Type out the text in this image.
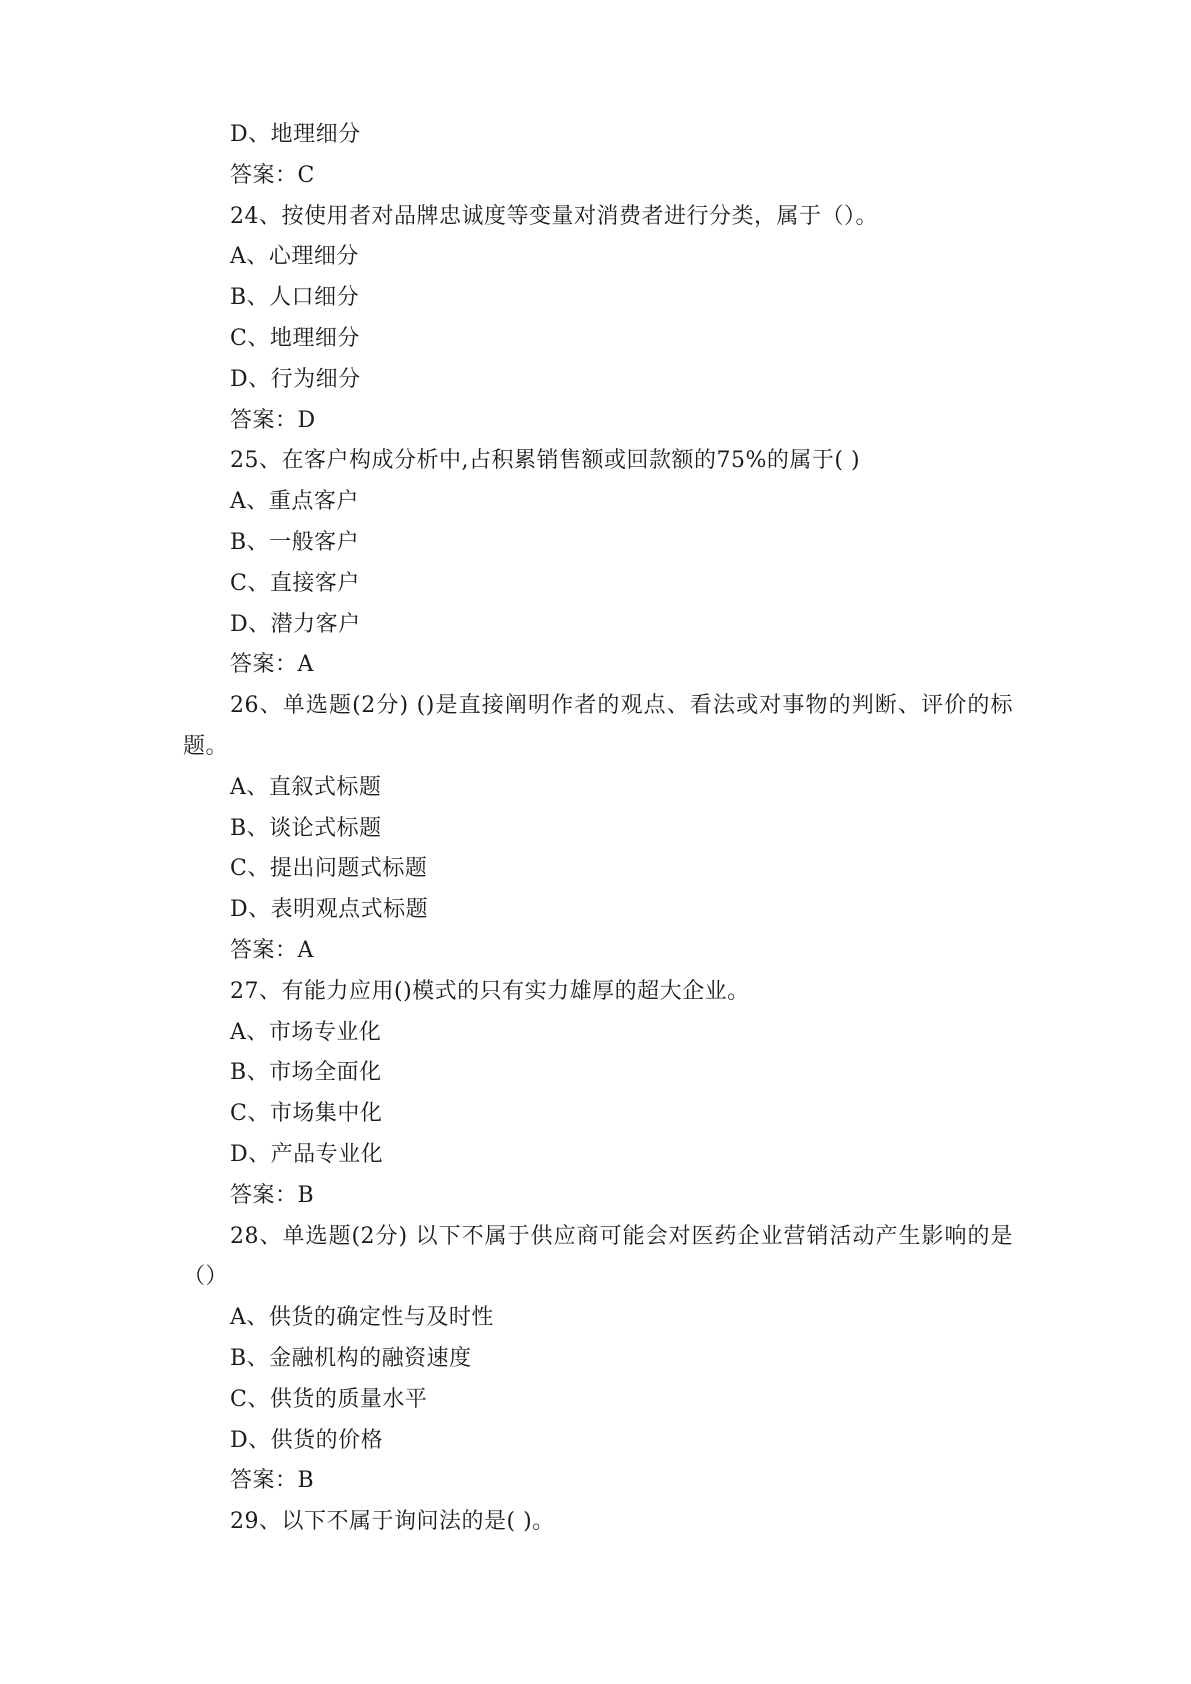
D、地理细分
答案：C
24、按使用者对品牌忠诚度等变量对消费者进行分类，属于（）。
A、心理细分
B、人口细分
C、地理细分
D、行为细分
答案：D
25、在客户构成分析中,占积累销售额或回款额的75%的属于( )
A、重点客户
B、一般客户
C、直接客户
D、潜力客户
答案：A
26、单选题(2分) ()是直接阐明作者的观点、看法或对事物的判断、评价的标题。
A、直叙式标题
B、谈论式标题
C、提出问题式标题
D、表明观点式标题
答案：A
27、有能力应用()模式的只有实力雄厚的超大企业。
A、市场专业化
B、市场全面化
C、市场集中化
D、产品专业化
答案：B
28、单选题(2分) 以下不属于供应商可能会对医药企业营销活动产生影响的是（）
A、供货的确定性与及时性
B、金融机构的融资速度
C、供货的质量水平
D、供货的价格
答案：B
29、以下不属于询问法的是( )。
